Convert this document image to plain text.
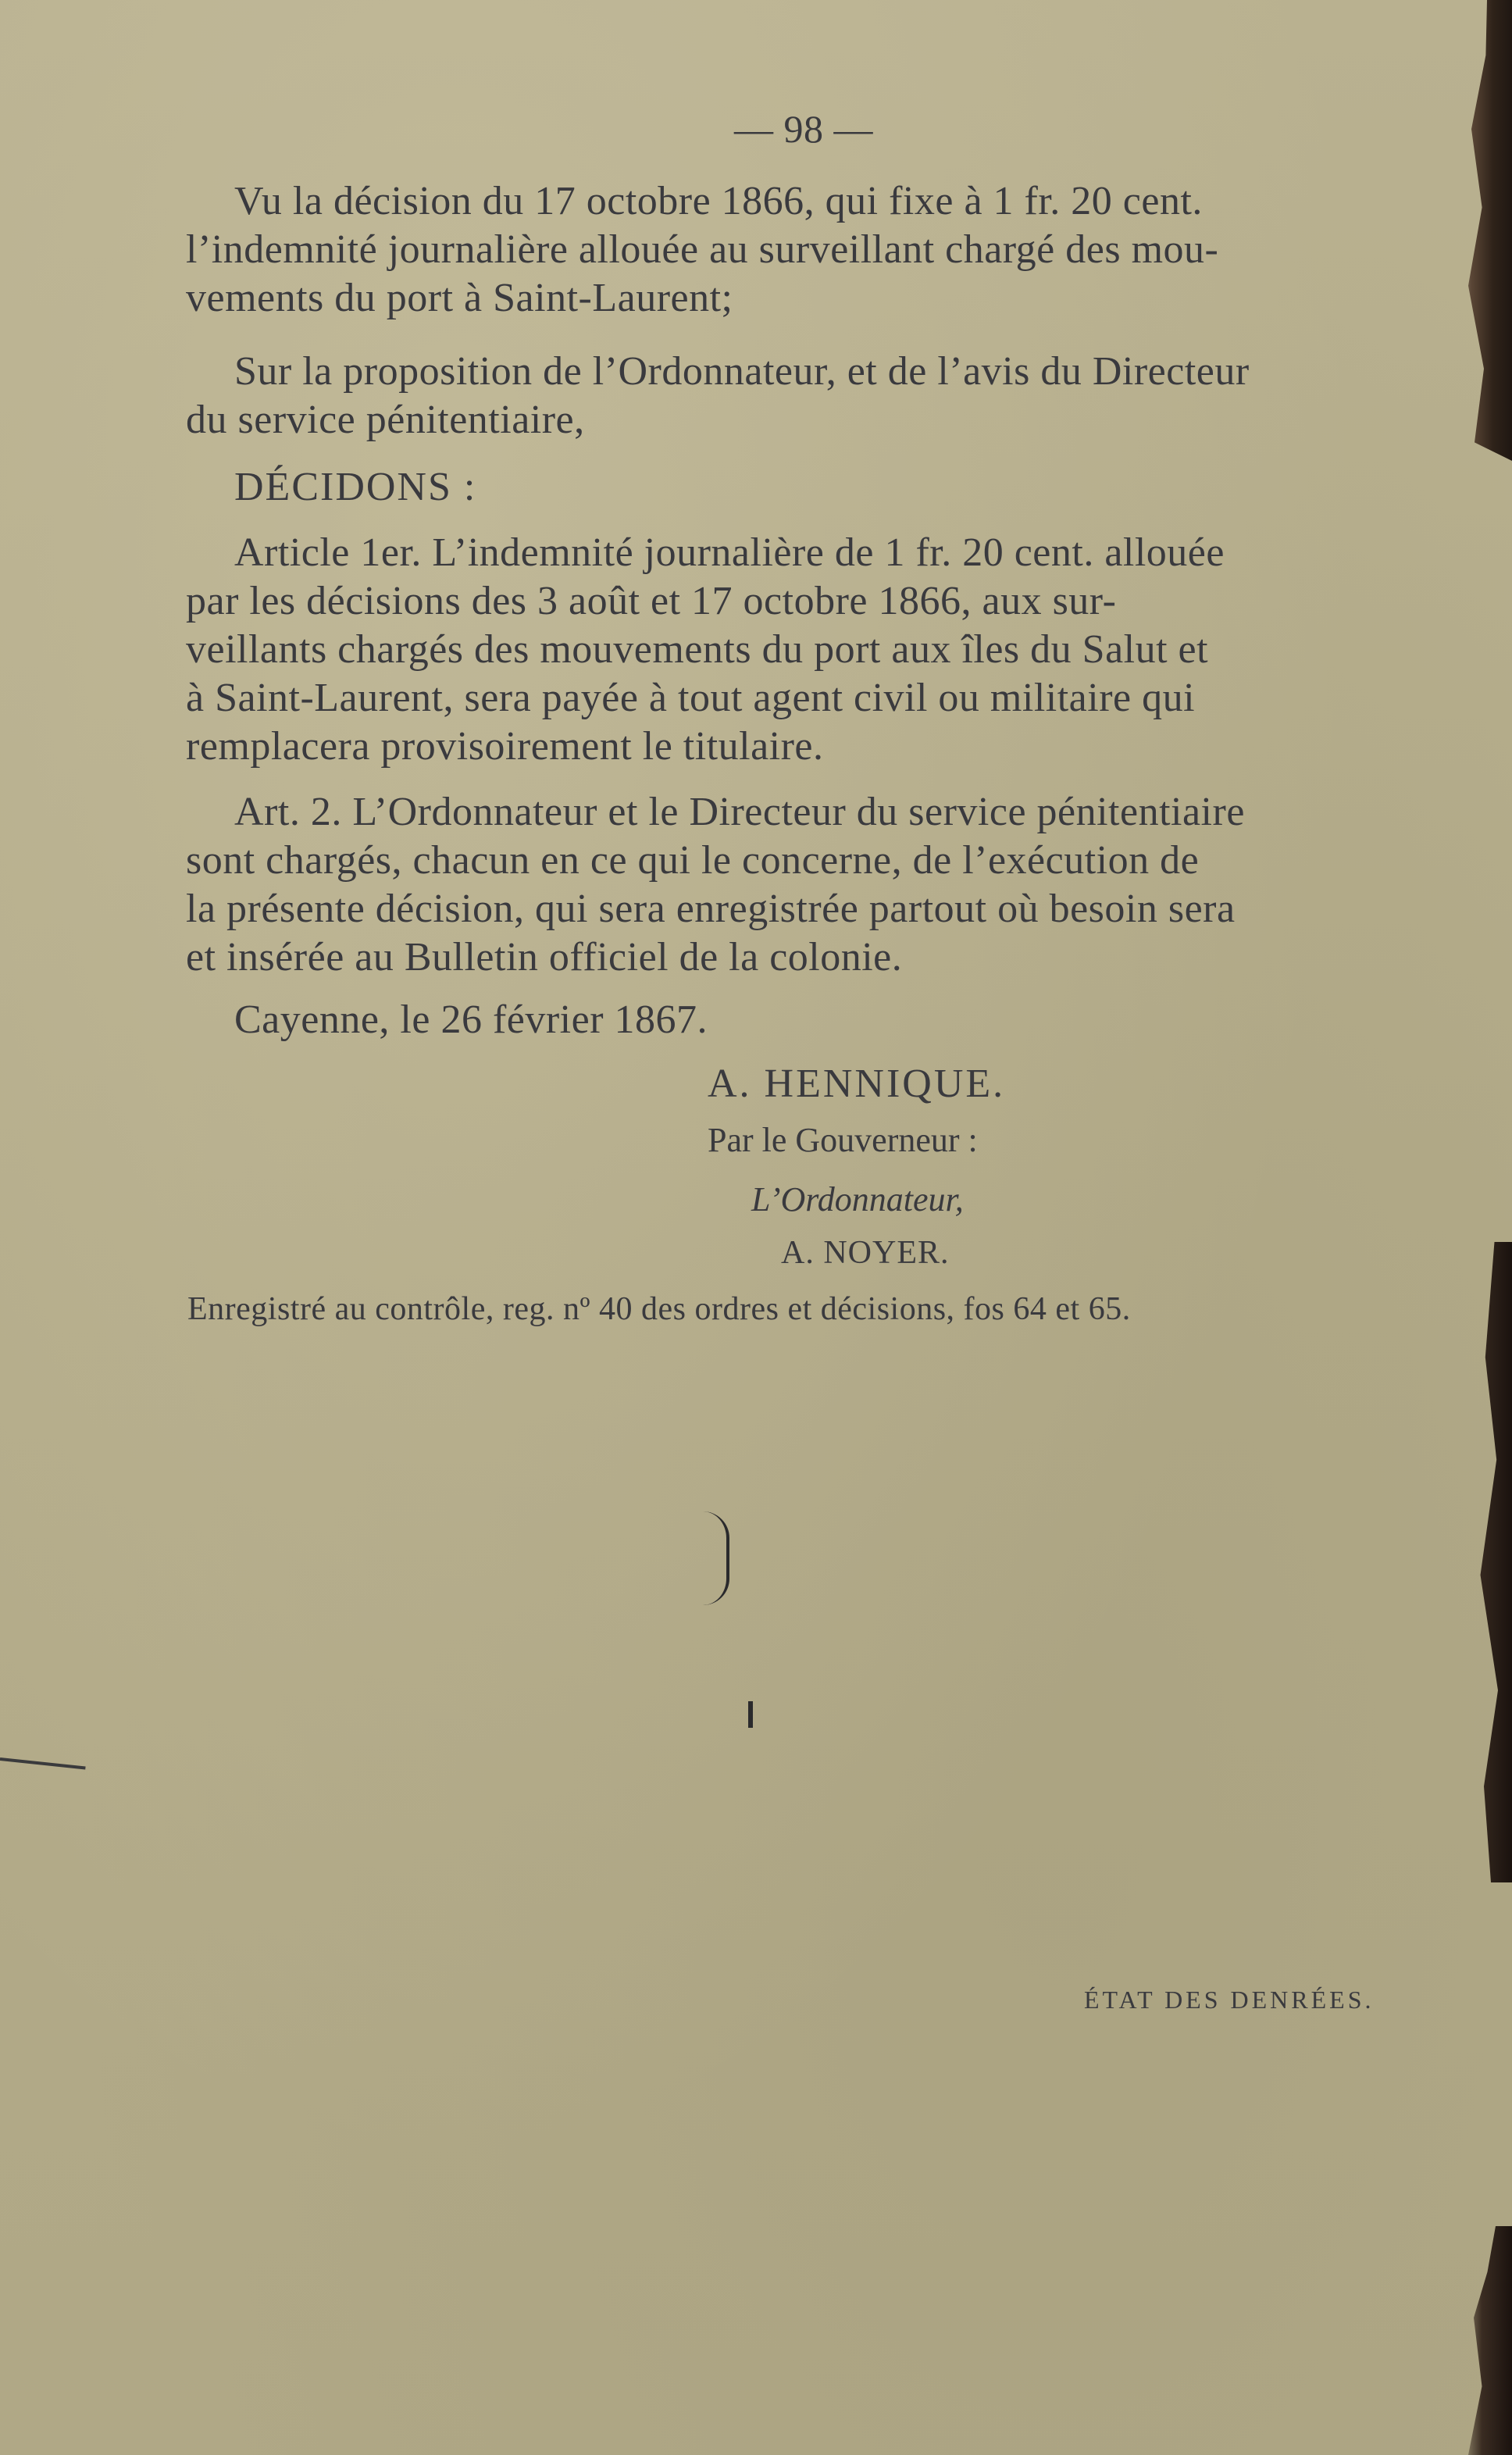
— 98 —

Vu la décision du 17 octobre 1866, qui fixe à 1 fr. 20 cent.

l’indemnité journalière allouée au surveillant chargé des mou-

vements du port à Saint-Laurent;

Sur la proposition de l’Ordonnateur, et de l’avis du Directeur

du service pénitentiaire,

DÉCIDONS :

Article 1er. L’indemnité journalière de 1 fr. 20 cent. allouée

par les décisions des 3 août et 17 octobre 1866, aux sur-

veillants chargés des mouvements du port aux îles du Salut et

à Saint-Laurent, sera payée à tout agent civil ou militaire qui

remplacera provisoirement le titulaire.

Art. 2. L’Ordonnateur et le Directeur du service pénitentiaire

sont chargés, chacun en ce qui le concerne, de l’exécution de

la présente décision, qui sera enregistrée partout où besoin sera

et insérée au Bulletin officiel de la colonie.

Cayenne, le 26 février 1867.

A. HENNIQUE.

Par le Gouverneur :

L’Ordonnateur,

A. NOYER.

Enregistré au contrôle, reg. nº 40 des ordres et décisions, fos 64 et 65.

ÉTAT DES DENRÉES.
